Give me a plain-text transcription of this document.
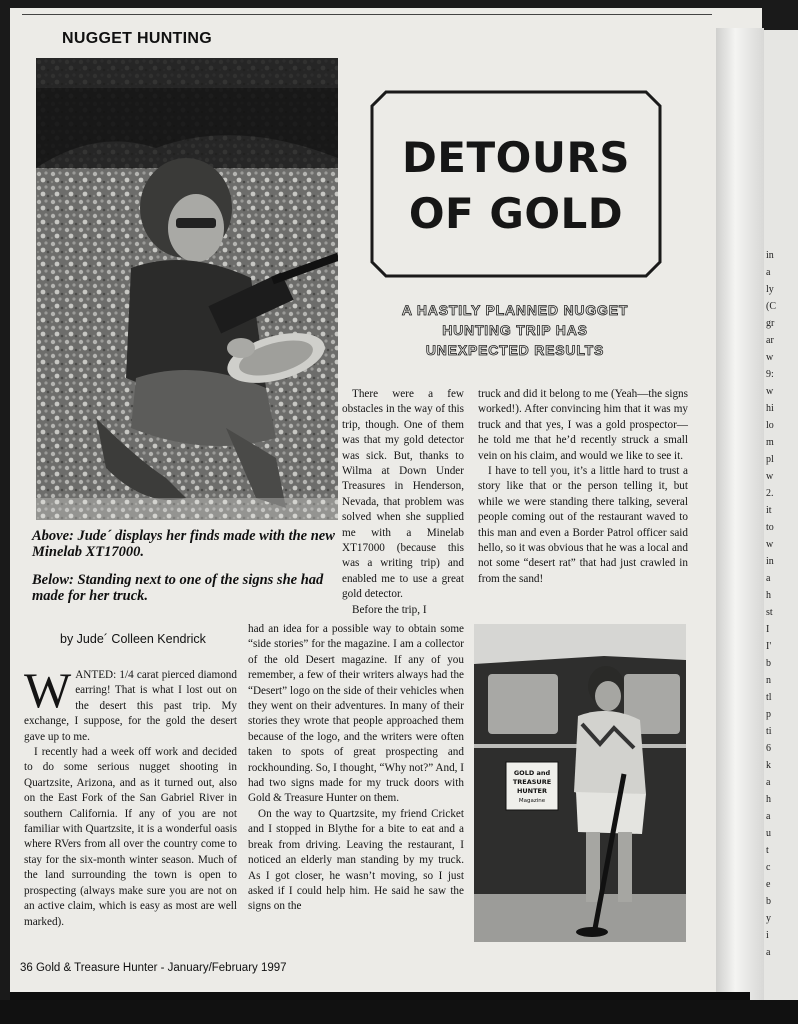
in
a
ly
(C
gr
ar
w
9:
w
hi
lo
m
pl
w
2.
it
to
w
in
a
h
st
I
I'
b
n
tl
p
ti
6
k
a
h
a
u
t
c
e
b
y
i
a
NUGGET HUNTING
DETOURS
OF GOLD
A HASTILY PLANNED NUGGET
HUNTING TRIP HAS
UNEXPECTED RESULTS
Above: Jude´ displays her finds made with the new Minelab XT17000.
Below: Standing next to one of the signs she had made for her truck.
by Jude´ Colleen Kendrick

WANTED: 1/4 carat pierced diamond earring! That is what I lost out on the desert this past trip. My exchange, I suppose, for the gold the desert gave up to me.

I recently had a week off work and decided to do some serious nugget shooting in Quartzsite, Arizona, and as it turned out, also on the East Fork of the San Gabriel River in southern California. If any of you are not familiar with Quartzsite, it is a wonderful oasis where RVers from all over the country come to stay for the six-month winter season. Much of the land surrounding the town is open to prospecting (always make sure you are not on an active claim, which is easy as most are well marked).

There were a few obstacles in the way of this trip, though. One of them was that my gold detector was sick. But, thanks to Wilma at Down Under Treasures in Henderson, Nevada, that problem was solved when she supplied me with a Minelab XT17000 (because this was a writing trip) and enabled me to use a great gold detector.

Before the trip, I

had an idea for a possible way to obtain some “side stories” for the magazine. I am a collector of the old Desert magazine. If any of you remember, a few of their writers always had the “Desert” logo on the side of their vehicles when they went on their adventures. In many of their stories they wrote that people approached them because of the logo, and the writers were often taken to spots of great prospecting and rockhounding. So, I thought, “Why not?” And, I had two signs made for my truck doors with Gold & Treasure Hunter on them.

On the way to Quartzsite, my friend Cricket and I stopped in Blythe for a bite to eat and a break from driving. Leaving the restaurant, I noticed an elderly man standing by my truck. As I got closer, he wasn’t moving, so I just asked if I could help him. He said he saw the signs on the

truck and did it belong to me (Yeah—the signs worked!). After convincing him that it was my truck and that yes, I was a gold prospector—he told me that he’d recently struck a small vein on his claim, and would we like to see it.

I have to tell you, it’s a little hard to trust a story like that or the person telling it, but while we were standing there talking, several people coming out of the restaurant waved to this man and even a Border Patrol officer said hello, so it was obvious that he was a local and not some “desert rat” that had just crawled in from the sand!

GOLD and
TREASURE
HUNTER
Magazine
36 Gold & Treasure Hunter - January/February 1997
